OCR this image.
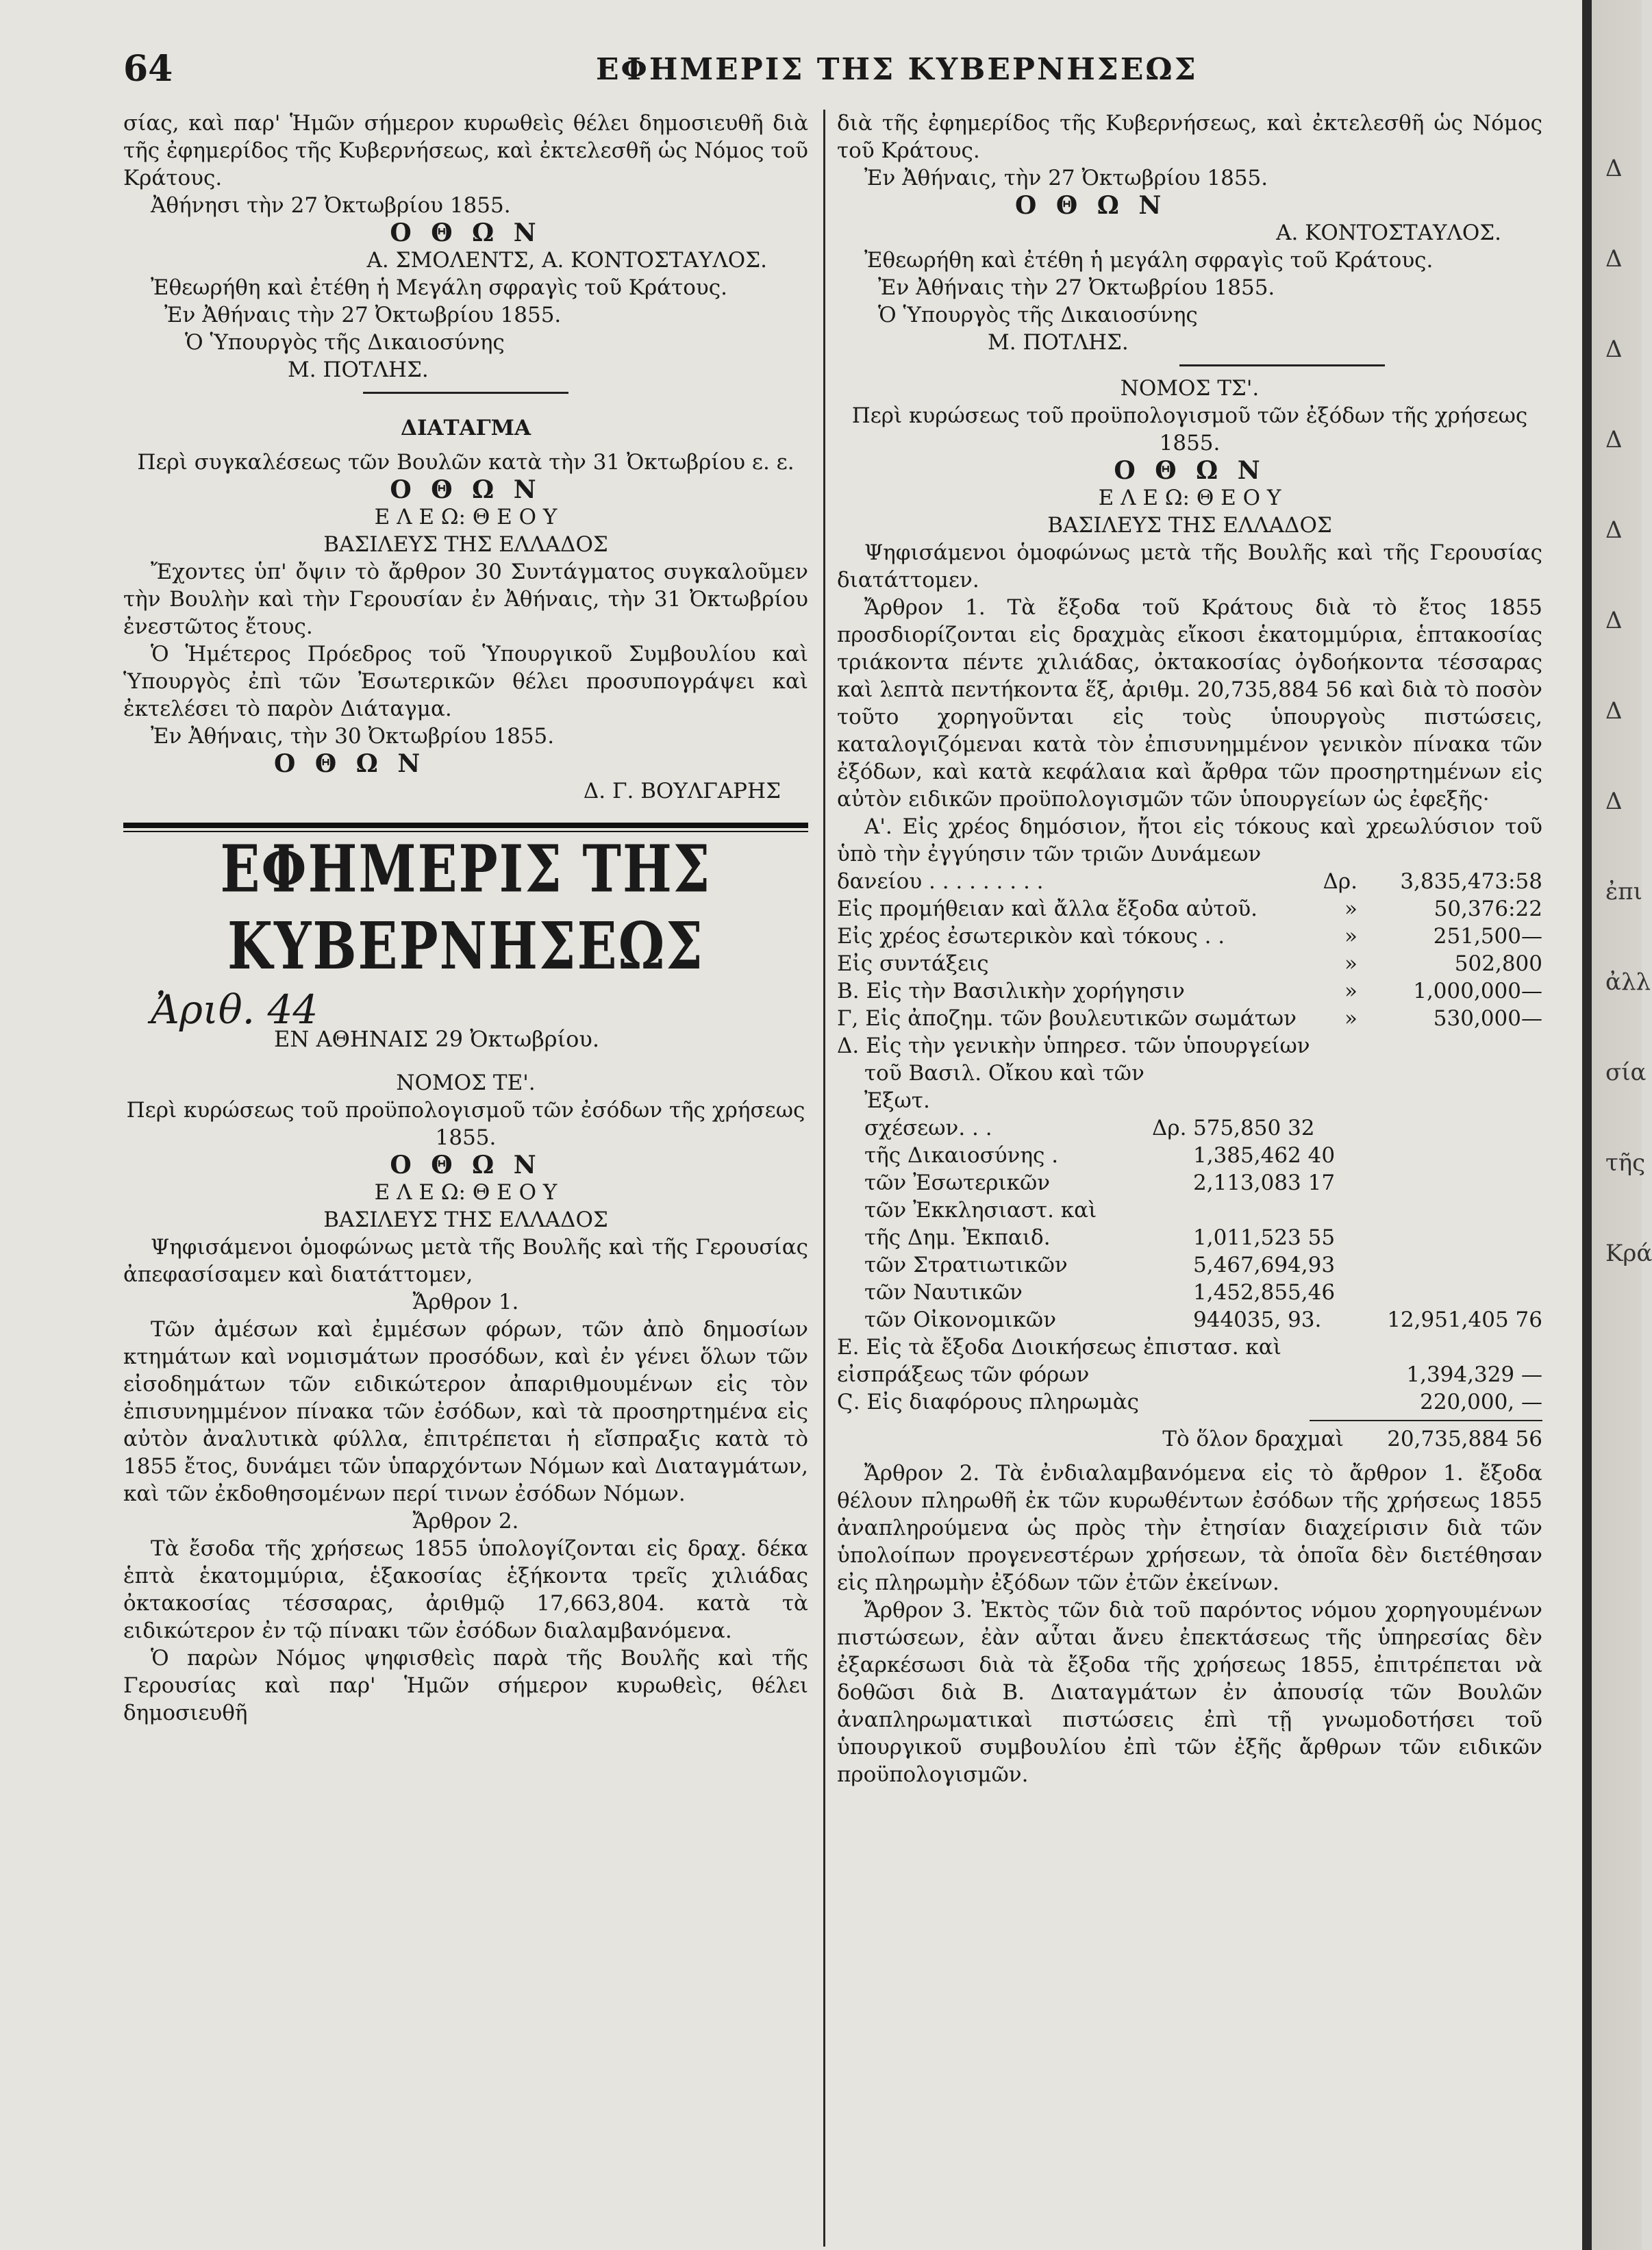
64	ΕΦΗΜΕΡΙΣ ΤΗΣ ΚΥΒΕΡΝΗΣΕΩΣ

σίας, καὶ παρ' Ἡμῶν σήμερον κυρωθεὶς θέλει δημοσιευθῆ διὰ τῆς ἐφημερίδος τῆς Κυβερνήσεως, καὶ ἐκτελεσθῆ ὡς Νόμος τοῦ Κράτους.

Ἀθήνησι τὴν 27 Ὀκτωβρίου 1855.

Ο Θ Ω Ν

Α. ΣΜΟΛΕΝΤΣ, Α. ΚΟΝΤΟΣΤΑΥΛΟΣ.

Ἐθεωρήθη καὶ ἐτέθη ἡ Μεγάλη σφραγὶς τοῦ Κράτους.

Ἐν Ἀθήναις τὴν 27 Ὀκτωβρίου 1855.

Ὁ Ὑπουργὸς τῆς Δικαιοσύνης

Μ. ΠΟΤΛΗΣ.

ΔΙΑΤΑΓΜΑ

Περὶ συγκαλέσεως τῶν Βουλῶν κατὰ τὴν 31 Ὀκτωβρίου ε. ε.

Ο Θ Ω Ν

Ε Λ Ε Ω: Θ Ε Ο Υ

ΒΑΣΙΛΕΥΣ ΤΗΣ ΕΛΛΑΔΟΣ

Ἔχοντες ὑπ' ὄψιν τὸ ἄρθρον 30 Συντάγματος συγκαλοῦμεν τὴν Βουλὴν καὶ τὴν Γερουσίαν ἐν Ἀθήναις, τὴν 31 Ὀκτωβρίου ἐνεστῶτος ἔτους.

Ὁ Ἡμέτερος Πρόεδρος τοῦ Ὑπουργικοῦ Συμβουλίου καὶ Ὑπουργὸς ἐπὶ τῶν Ἐσωτερικῶν θέλει προσυπογράψει καὶ ἐκτελέσει τὸ παρὸν Διάταγμα.

Ἐν Ἀθήναις, τὴν 30 Ὀκτωβρίου 1855.

Ο Θ Ω Ν

Δ. Γ. ΒΟΥΛΓΑΡΗΣ

ΕΦΗΜΕΡΙΣ ΤΗΣ ΚΥΒΕΡΝΗΣΕΩΣ
Ἀριθ. 44
ΕΝ ΑΘΗΝΑΙΣ 29 Ὀκτωβρίου.

ΝΟΜΟΣ ΤΕ'.

Περὶ κυρώσεως τοῦ προϋπολογισμοῦ τῶν ἐσόδων τῆς χρήσεως 1855.

Ο Θ Ω Ν

Ε Λ Ε Ω: Θ Ε Ο Υ

ΒΑΣΙΛΕΥΣ ΤΗΣ ΕΛΛΑΔΟΣ

Ψηφισάμενοι ὁμοφώνως μετὰ τῆς Βουλῆς καὶ τῆς Γερουσίας ἀπεφασίσαμεν καὶ διατάττομεν,

Ἄρθρον 1.

Τῶν ἀμέσων καὶ ἐμμέσων φόρων, τῶν ἀπὸ δημοσίων κτημάτων καὶ νομισμάτων προσόδων, καὶ ἐν γένει ὅλων τῶν εἰσοδημάτων τῶν ειδικώτερον ἀπαριθμουμένων εἰς τὸν ἐπισυνημμένον πίνακα τῶν ἐσόδων, καὶ τὰ προσηρτημένα εἰς αὐτὸν ἀναλυτικὰ φύλλα, ἐπιτρέπεται ἡ εἴσπραξις κατὰ τὸ 1855 ἔτος, δυνάμει τῶν ὑπαρχόντων Νόμων καὶ Διαταγμάτων, καὶ τῶν ἐκδοθησομένων περί τινων ἐσόδων Νόμων.

Ἄρθρον 2.

Τὰ ἔσοδα τῆς χρήσεως 1855 ὑπολογίζονται εἰς δραχ. δέκα ἑπτὰ ἑκατομμύρια, ἑξακοσίας ἑξήκοντα τρεῖς χιλιάδας ὀκτακοσίας τέσσαρας, ἀριθμῷ 17,663,804. κατὰ τὰ ειδικώτερον ἐν τῷ πίνακι τῶν ἐσόδων διαλαμβανόμενα.

Ὁ παρὼν Νόμος ψηφισθεὶς παρὰ τῆς Βουλῆς καὶ τῆς Γερουσίας καὶ παρ' Ἡμῶν σήμερον κυρωθεὶς, θέλει δημοσιευθῆ

διὰ τῆς ἐφημερίδος τῆς Κυβερνήσεως, καὶ ἐκτελεσθῆ ὡς Νόμος τοῦ Κράτους.

Ἐν Ἀθήναις, τὴν 27 Ὀκτωβρίου 1855.

Ο Θ Ω Ν

Α. ΚΟΝΤΟΣΤΑΥΛΟΣ.

Ἐθεωρήθη καὶ ἐτέθη ἡ μεγάλη σφραγὶς τοῦ Κράτους.

Ἐν Ἀθήναις τὴν 27 Ὀκτωβρίου 1855.

Ὁ Ὑπουργὸς τῆς Δικαιοσύνης

Μ. ΠΟΤΛΗΣ.

ΝΟΜΟΣ ΤΣ'.

Περὶ κυρώσεως τοῦ προϋπολογισμοῦ τῶν ἐξόδων τῆς χρήσεως 1855.

Ο Θ Ω Ν

Ε Λ Ε Ω: Θ Ε Ο Υ

ΒΑΣΙΛΕΥΣ ΤΗΣ ΕΛΛΑΔΟΣ

Ψηφισάμενοι ὁμοφώνως μετὰ τῆς Βουλῆς καὶ τῆς Γερουσίας διατάττομεν.

Ἄρθρον 1. Τὰ ἔξοδα τοῦ Κράτους διὰ τὸ ἔτος 1855 προσδιορίζονται εἰς δραχμὰς εἴκοσι ἑκατομμύρια, ἑπτακοσίας τριάκοντα πέντε χιλιάδας, ὀκτακοσίας ὀγδοήκοντα τέσσαρας καὶ λεπτὰ πεντήκοντα ἕξ, ἀριθμ. 20,735,884 56 καὶ διὰ τὸ ποσὸν τοῦτο χορηγοῦνται εἰς τοὺς ὑπουργοὺς πιστώσεις, καταλογιζόμεναι κατὰ τὸν ἐπισυνημμένον γενικὸν πίνακα τῶν ἐξόδων, καὶ κατὰ κεφάλαια καὶ ἄρθρα τῶν προσηρτημένων εἰς αὐτὸν ειδικῶν προϋπολογισμῶν τῶν ὑπουργείων ὡς ἐφεξῆς·

Α'. Εἰς χρέος δημόσιον, ἤτοι εἰς τόκους καὶ χρεωλύσιον τοῦ ὑπὸ τὴν ἐγγύησιν τῶν τριῶν Δυνάμεων

δανείου . . . . . . . . .	Δρ.	3,835,473:58
Εἰς προμήθειαν καὶ ἄλλα ἔξοδα αὐτοῦ.	»	50,376:22
Εἰς χρέος ἐσωτερικὸν καὶ τόκους . .	»	251,500—
Εἰς συντάξεις	»	502,800
Β. Εἰς τὴν Βασιλικὴν χορήγησιν	»	1,000,000—
Γ, Εἰς ἀποζημ. τῶν βουλευτικῶν σωμάτων	»	530,000—

Δ. Εἰς τὴν γενικὴν ὑπηρεσ. τῶν ὑπουργείων

τοῦ Βασιλ. Οἴκου καὶ τῶν Ἐξωτ.
σχέσεων. . .	Δρ. 575,850 32
τῆς Δικαιοσύνης .	1,385,462 40
τῶν Ἐσωτερικῶν	2,113,083 17
τῶν Ἐκκλησιαστ. καὶ
τῆς Δημ. Ἐκπαιδ.	1,011,523 55
τῶν Στρατιωτικῶν	5,467,694,93
τῶν Ναυτικῶν	1,452,855,46
τῶν Οἰκονομικῶν	944035, 93.	12,951,405 76
Ε. Εἰς τὰ ἔξοδα Διοικήσεως ἐπιστασ. καὶ εἰσπράξεως τῶν φόρων	1,394,329 —
Ϛ. Εἰς διαφόρους πληρωμὰς	220,000, —
Τὸ ὅλον δραχμαὶ	20,735,884 56

Ἄρθρον 2. Τὰ ἐνδιαλαμβανόμενα εἰς τὸ ἄρθρον 1. ἔξοδα θέλουν πληρωθῆ ἐκ τῶν κυρωθέντων ἐσόδων τῆς χρήσεως 1855 ἀναπληρούμενα ὡς πρὸς τὴν ἐτησίαν διαχείρισιν διὰ τῶν ὑπολοίπων προγενεστέρων χρήσεων, τὰ ὁποῖα δὲν διετέθησαν εἰς πληρωμὴν ἐξόδων τῶν ἐτῶν ἐκείνων.

Ἄρθρον 3. Ἐκτὸς τῶν διὰ τοῦ παρόντος νόμου χορηγουμένων πιστώσεων, ἐὰν αὗται ἄνευ ἐπεκτάσεως τῆς ὑπηρεσίας δὲν ἐξαρκέσωσι διὰ τὰ ἔξοδα τῆς χρήσεως 1855, ἐπιτρέπεται νὰ δοθῶσι διὰ Β. Διαταγμάτων ἐν ἀπουσίᾳ τῶν Βουλῶν ἀναπληρωματικαὶ πιστώσεις ἐπὶ τῇ γνωμοδοτήσει τοῦ ὑπουργικοῦ συμβουλίου ἐπὶ τῶν ἐξῆς ἄρθρων τῶν ειδικῶν προϋπολογισμῶν.

Δ
Δ
Δ
Δ
Δ
Δ
Δ
Δ
ἐπι
ἀλλ
σία
τῆς
Κρά
